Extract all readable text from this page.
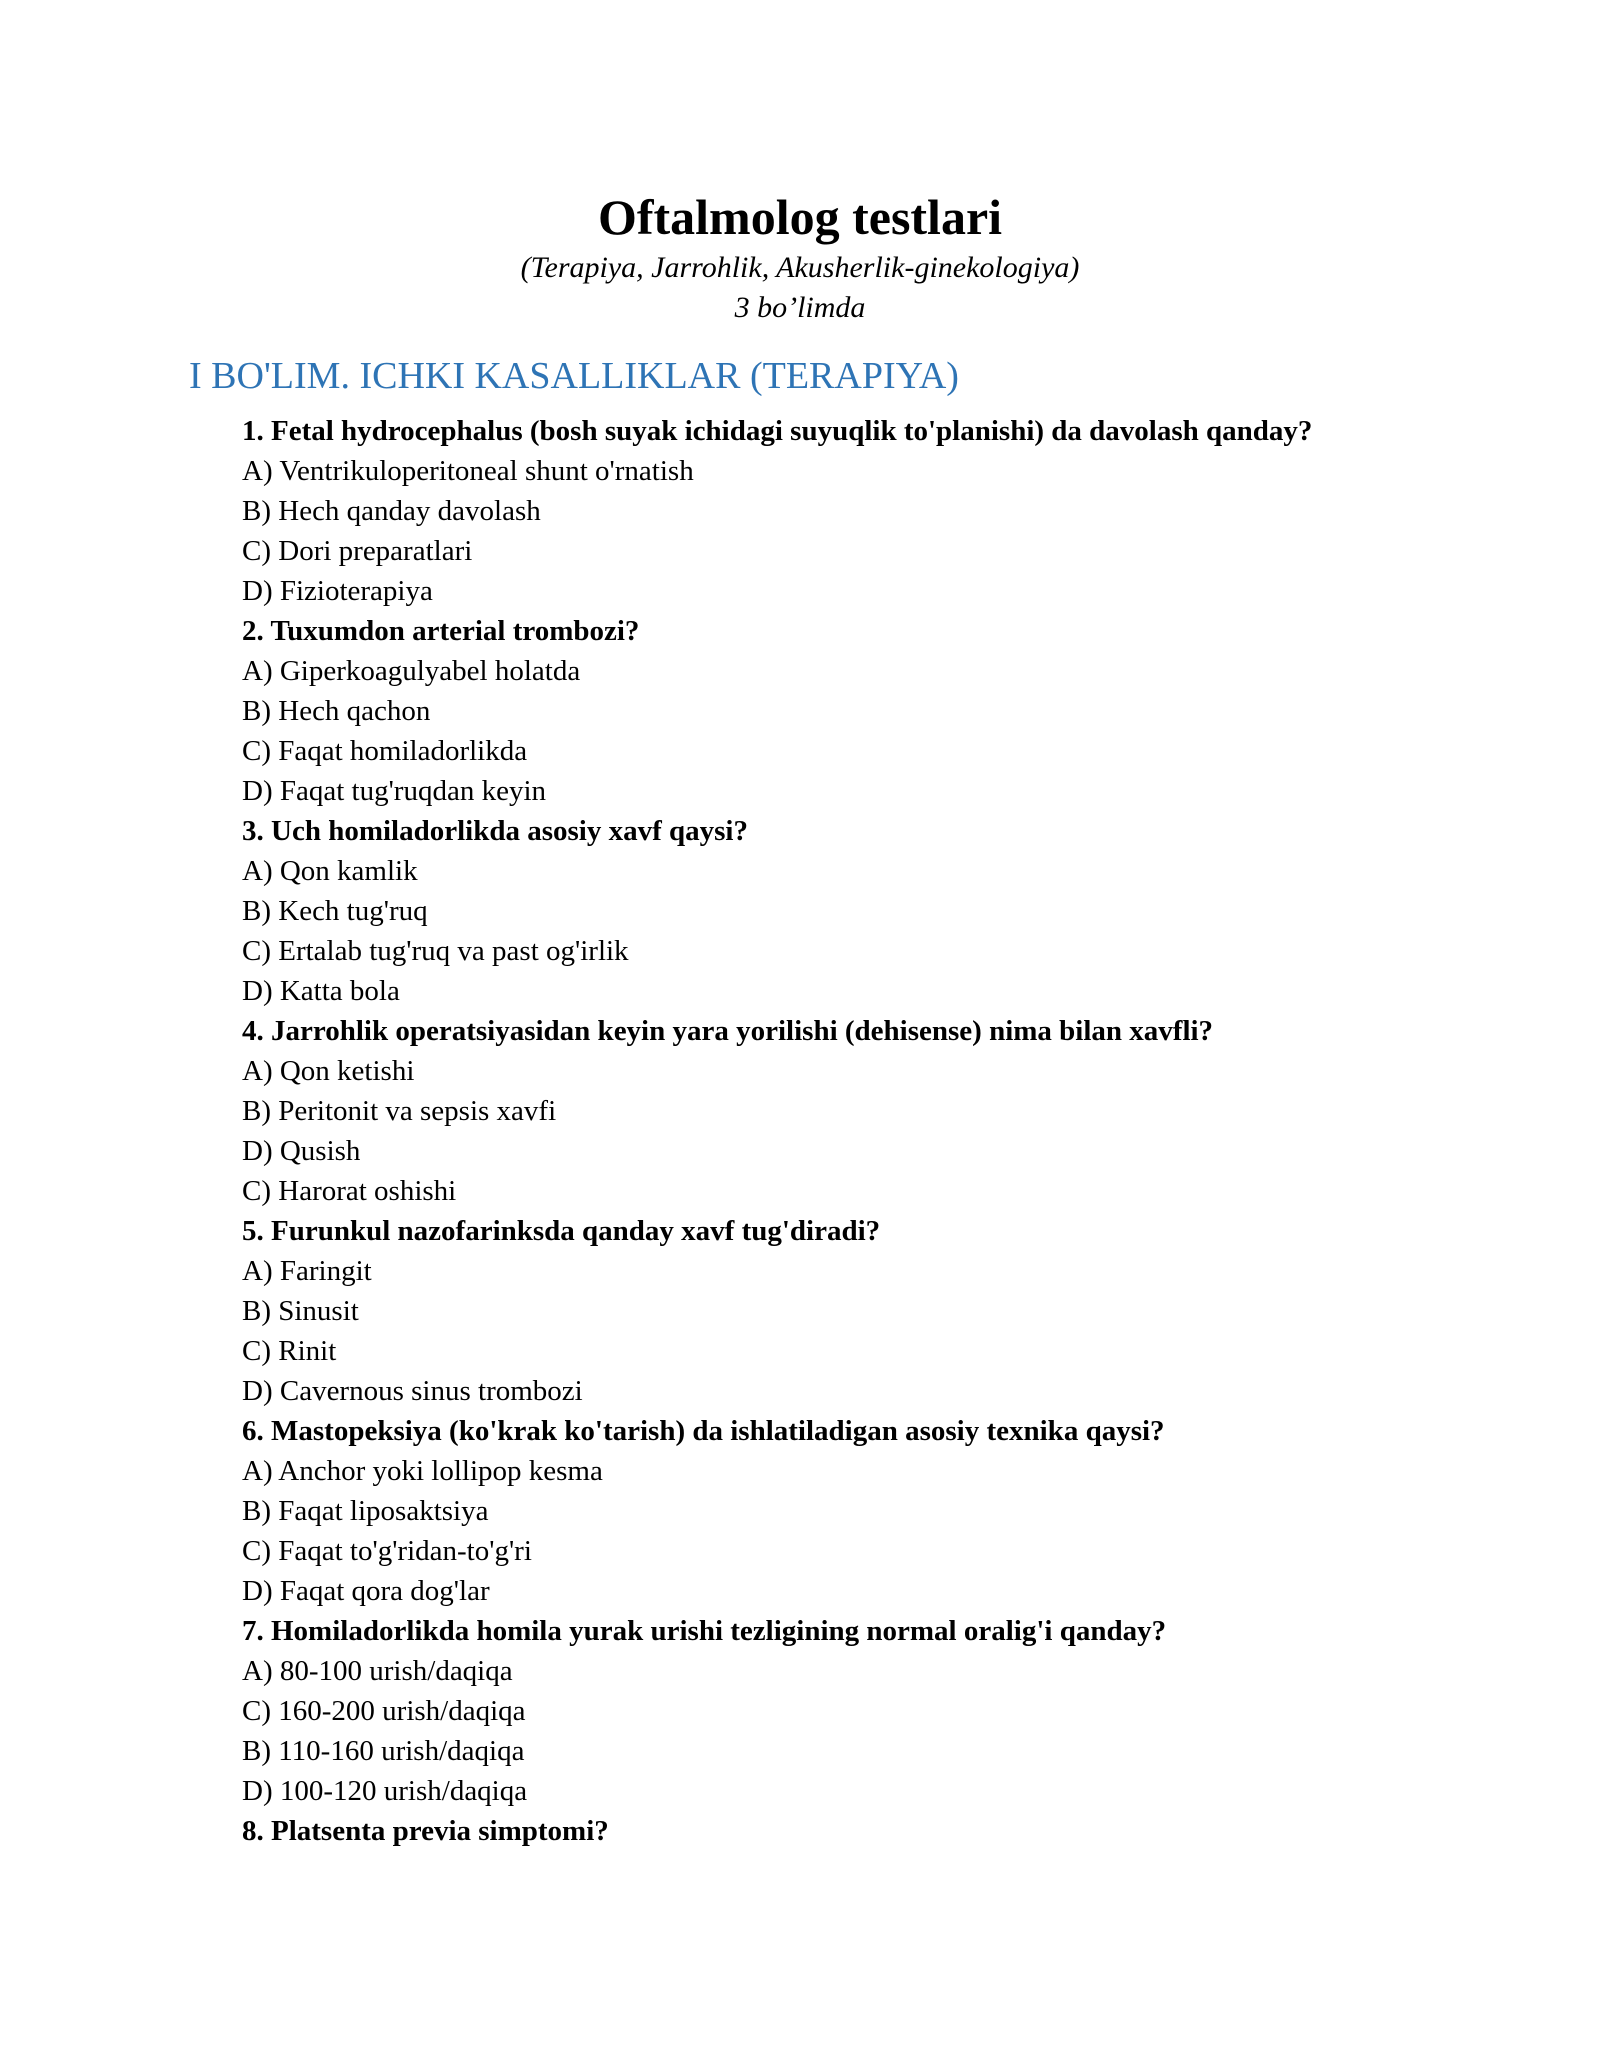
Oftalmolog testlari

(Terapiya, Jarrohlik, Akusherlik-ginekologiya)

3 bo’limda

I BO'LIM. ICHKI KASALLIKLAR (TERAPIYA)
1. Fetal hydrocephalus (bosh suyak ichidagi suyuqlik to'planishi) da davolash qanday?
A) Ventrikuloperitoneal shunt o'rnatish
B) Hech qanday davolash
C) Dori preparatlari
D) Fizioterapiya
2. Tuxumdon arterial trombozi?
A) Giperkoagulyabel holatda
B) Hech qachon
C) Faqat homiladorlikda
D) Faqat tug'ruqdan keyin
3. Uch homiladorlikda asosiy xavf qaysi?
A) Qon kamlik
B) Kech tug'ruq
C) Ertalab tug'ruq va past og'irlik
D) Katta bola
4. Jarrohlik operatsiyasidan keyin yara yorilishi (dehisense) nima bilan xavfli?
A) Qon ketishi
B) Peritonit va sepsis xavfi
D) Qusish
C) Harorat oshishi
5. Furunkul nazofarinksda qanday xavf tug'diradi?
A) Faringit
B) Sinusit
C) Rinit
D) Cavernous sinus trombozi
6. Mastopeksiya (ko'krak ko'tarish) da ishlatiladigan asosiy texnika qaysi?
A) Anchor yoki lollipop kesma
B) Faqat liposaktsiya
C) Faqat to'g'ridan-to'g'ri
D) Faqat qora dog'lar
7. Homiladorlikda homila yurak urishi tezligining normal oralig'i qanday?
A) 80-100 urish/daqiqa
C) 160-200 urish/daqiqa
B) 110-160 urish/daqiqa
D) 100-120 urish/daqiqa
8. Platsenta previa simptomi?
